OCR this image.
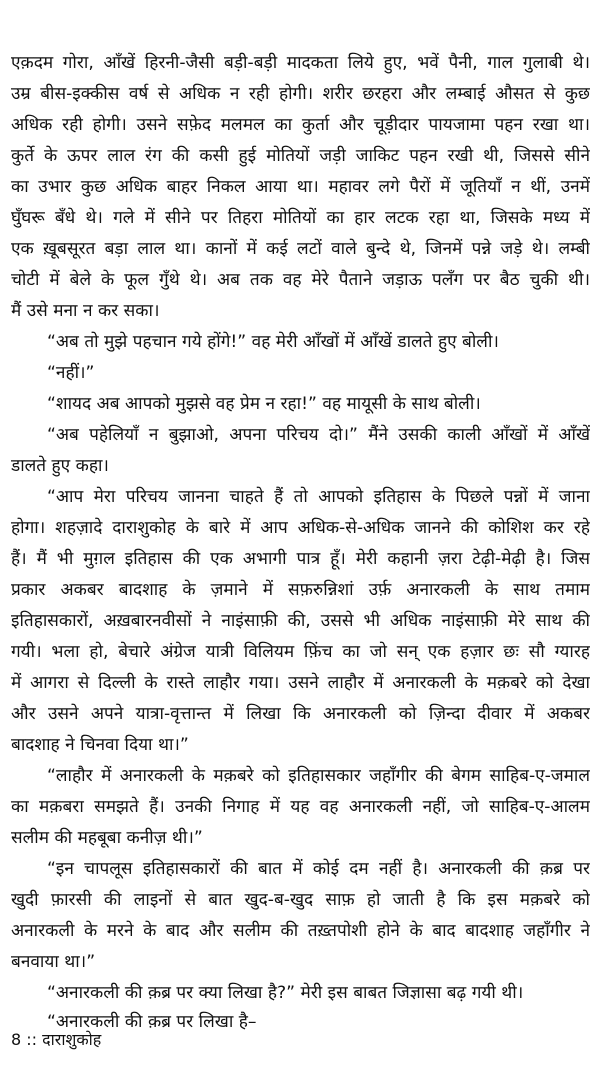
एक़दम गोरा, आँखें हिरनी-जैसी बड़ी-बड़ी मादकता लिये हुए, भवें पैनी, गाल गुलाबी थे।
उम्र बीस-इक्कीस वर्ष से अधिक न रही होगी। शरीर छरहरा और लम्बाई औसत से कुछ
अधिक रही होगी। उसने सफ़ेद मलमल का कुर्ता और चूड़ीदार पायजामा पहन रखा था।
कुर्ते के ऊपर लाल रंग की कसी हुई मोतियों जड़ी जाकिट पहन रखी थी, जिससे सीने
का उभार कुछ अधिक बाहर निकल आया था। महावर लगे पैरों में जूतियाँ न थीं, उनमें
घुँघरू बँधे थे। गले में सीने पर तिहरा मोतियों का हार लटक रहा था, जिसके मध्य में
एक ख़ूबसूरत बड़ा लाल था। कानों में कई लटों वाले बुन्दे थे, जिनमें पन्ने जड़े थे। लम्बी
चोटी में बेले के फूल गुँथे थे। अब तक वह मेरे पैताने जड़ाऊ पलँग पर बैठ चुकी थी।
मैं उसे मना न कर सका।
“अब तो मुझे पहचान गये होंगे!” वह मेरी आँखों में आँखें डालते हुए बोली।
“नहीं।”
“शायद अब आपको मुझसे वह प्रेम न रहा!” वह मायूसी के साथ बोली।
“अब पहेलियाँ न बुझाओ, अपना परिचय दो।” मैंने उसकी काली आँखों में आँखें
डालते हुए कहा।
“आप मेरा परिचय जानना चाहते हैं तो आपको इतिहास के पिछले पन्नों में जाना
होगा। शहज़ादे दाराशुकोह के बारे में आप अधिक-से-अधिक जानने की कोशिश कर रहे
हैं। मैं भी मुग़ल इतिहास की एक अभागी पात्र हूँ। मेरी कहानी ज़रा टेढ़ी-मेढ़ी है। जिस
प्रकार अकबर बादशाह के ज़माने में सफ़रुन्निशां उर्फ़ अनारकली के साथ तमाम
इतिहासकारों, अख़बारनवीसों ने नाइंसाफ़ी की, उससे भी अधिक नाइंसाफ़ी मेरे साथ की
गयी। भला हो, बेचारे अंग्रेज यात्री विलियम फ़िंच का जो सन् एक हज़ार छः सौ ग्यारह
में आगरा से दिल्ली के रास्ते लाहौर गया। उसने लाहौर में अनारकली के मक़बरे को देखा
और उसने अपने यात्रा-वृत्तान्त में लिखा कि अनारकली को ज़िन्दा दीवार में अकबर
बादशाह ने चिनवा दिया था।”
“लाहौर में अनारकली के मक़बरे को इतिहासकार जहाँगीर की बेगम साहिब-ए-जमाल
का मक़बरा समझते हैं। उनकी निगाह में यह वह अनारकली नहीं, जो साहिब-ए-आलम
सलीम की महबूबा कनीज़ थी।”
“इन चापलूस इतिहासकारों की बात में कोई दम नहीं है। अनारकली की क़ब्र पर
खुदी फ़ारसी की लाइनों से बात खुद-ब-खुद साफ़ हो जाती है कि इस मक़बरे को
अनारकली के मरने के बाद और सलीम की तख़्तपोशी होने के बाद बादशाह जहाँगीर ने
बनवाया था।”
“अनारकली की क़ब्र पर क्या लिखा है?” मेरी इस बाबत जिज्ञासा बढ़ गयी थी।
“अनारकली की क़ब्र पर लिखा है–
8 :: दाराशुकोह
